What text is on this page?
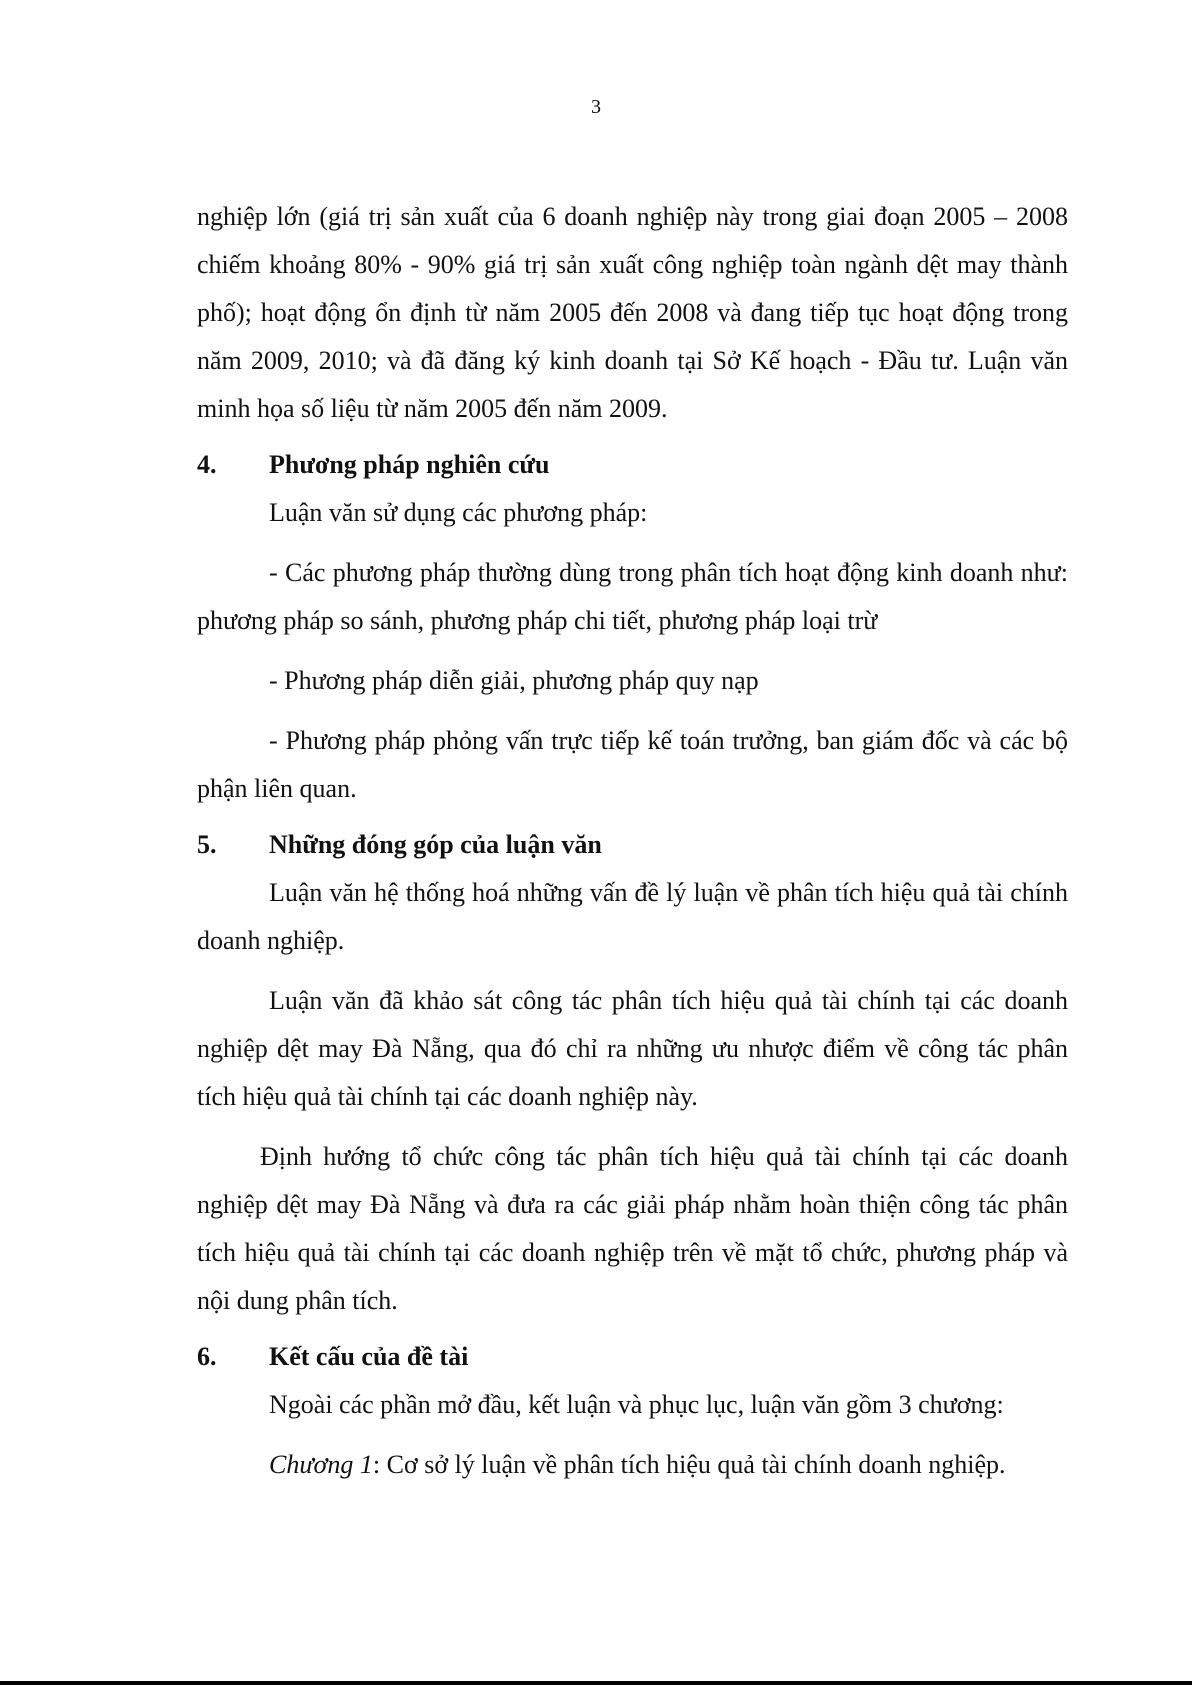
3

nghiệp lớn (giá trị sản xuất của 6 doanh nghiệp này trong giai đoạn 2005 – 2008 chiếm khoảng 80% - 90% giá trị sản xuất công nghiệp toàn ngành dệt may thành phố); hoạt động ổn định từ năm 2005 đến 2008 và đang tiếp tục hoạt động trong năm 2009, 2010; và đã đăng ký kinh doanh tại Sở Kế hoạch - Đầu tư. Luận văn minh họa số liệu từ năm 2005 đến năm 2009.

4.	Phương pháp nghiên cứu

Luận văn sử dụng các phương pháp:

- Các phương pháp thường dùng trong phân tích hoạt động kinh doanh như: phương pháp so sánh, phương pháp chi tiết, phương pháp loại trừ

- Phương pháp diễn giải, phương pháp quy nạp

- Phương pháp phỏng vấn trực tiếp kế toán trưởng, ban giám đốc và các bộ phận liên quan.

5.	Những đóng góp của luận văn

Luận văn hệ thống hoá những vấn đề lý luận về phân tích hiệu quả tài chính doanh nghiệp.

Luận văn đã khảo sát công tác phân tích hiệu quả tài chính tại các doanh nghiệp dệt may Đà Nẵng, qua đó chỉ ra những ưu nhược điểm về công tác phân tích hiệu quả tài chính tại các doanh nghiệp này.

Định hướng tổ chức công tác phân tích hiệu quả tài chính tại các doanh nghiệp dệt may Đà Nẵng và đưa ra các giải pháp nhằm hoàn thiện công tác phân tích hiệu quả tài chính tại các doanh nghiệp trên về mặt tổ chức, phương pháp và nội dung phân tích.

6.	Kết cấu của đề tài

Ngoài các phần mở đầu, kết luận và phục lục, luận văn gồm 3 chương:

Chương 1: Cơ sở lý luận về phân tích hiệu quả tài chính doanh nghiệp.
